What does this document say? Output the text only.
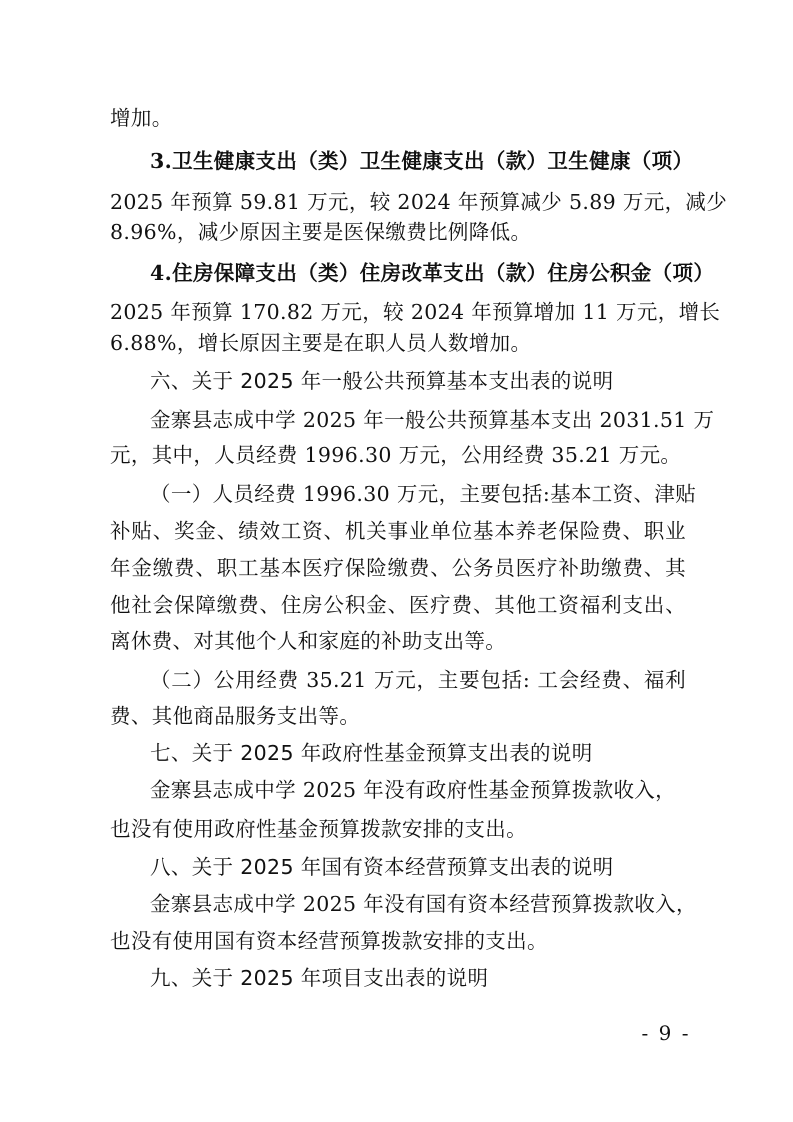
增加。
3.卫生健康支出（类）卫生健康支出（款）卫生健康（项）
2025 年预算 59.81 万元，较 2024 年预算减少 5.89 万元，减少
8.96%，减少原因主要是医保缴费比例降低。
4.住房保障支出（类）住房改革支出（款）住房公积金（项）
2025 年预算 170.82 万元，较 2024 年预算增加 11 万元，增长
6.88%，增长原因主要是在职人员人数增加。
六、关于 2025 年一般公共预算基本支出表的说明
金寨县志成中学 2025 年一般公共预算基本支出 2031.51 万
元，其中，人员经费 1996.30 万元，公用经费 35.21 万元。
（一）人员经费 1996.30 万元，主要包括:基本工资、津贴
补贴、奖金、绩效工资、机关事业单位基本养老保险费、职业
年金缴费、职工基本医疗保险缴费、公务员医疗补助缴费、其
他社会保障缴费、住房公积金、医疗费、其他工资福利支出、
离休费、对其他个人和家庭的补助支出等。
（二）公用经费 35.21 万元，主要包括: 工会经费、福利
费、其他商品服务支出等。
七、关于 2025 年政府性基金预算支出表的说明
金寨县志成中学 2025 年没有政府性基金预算拨款收入，
也没有使用政府性基金预算拨款安排的支出。
八、关于 2025 年国有资本经营预算支出表的说明
金寨县志成中学 2025 年没有国有资本经营预算拨款收入，
也没有使用国有资本经营预算拨款安排的支出。
九、关于 2025 年项目支出表的说明
- 9 -
